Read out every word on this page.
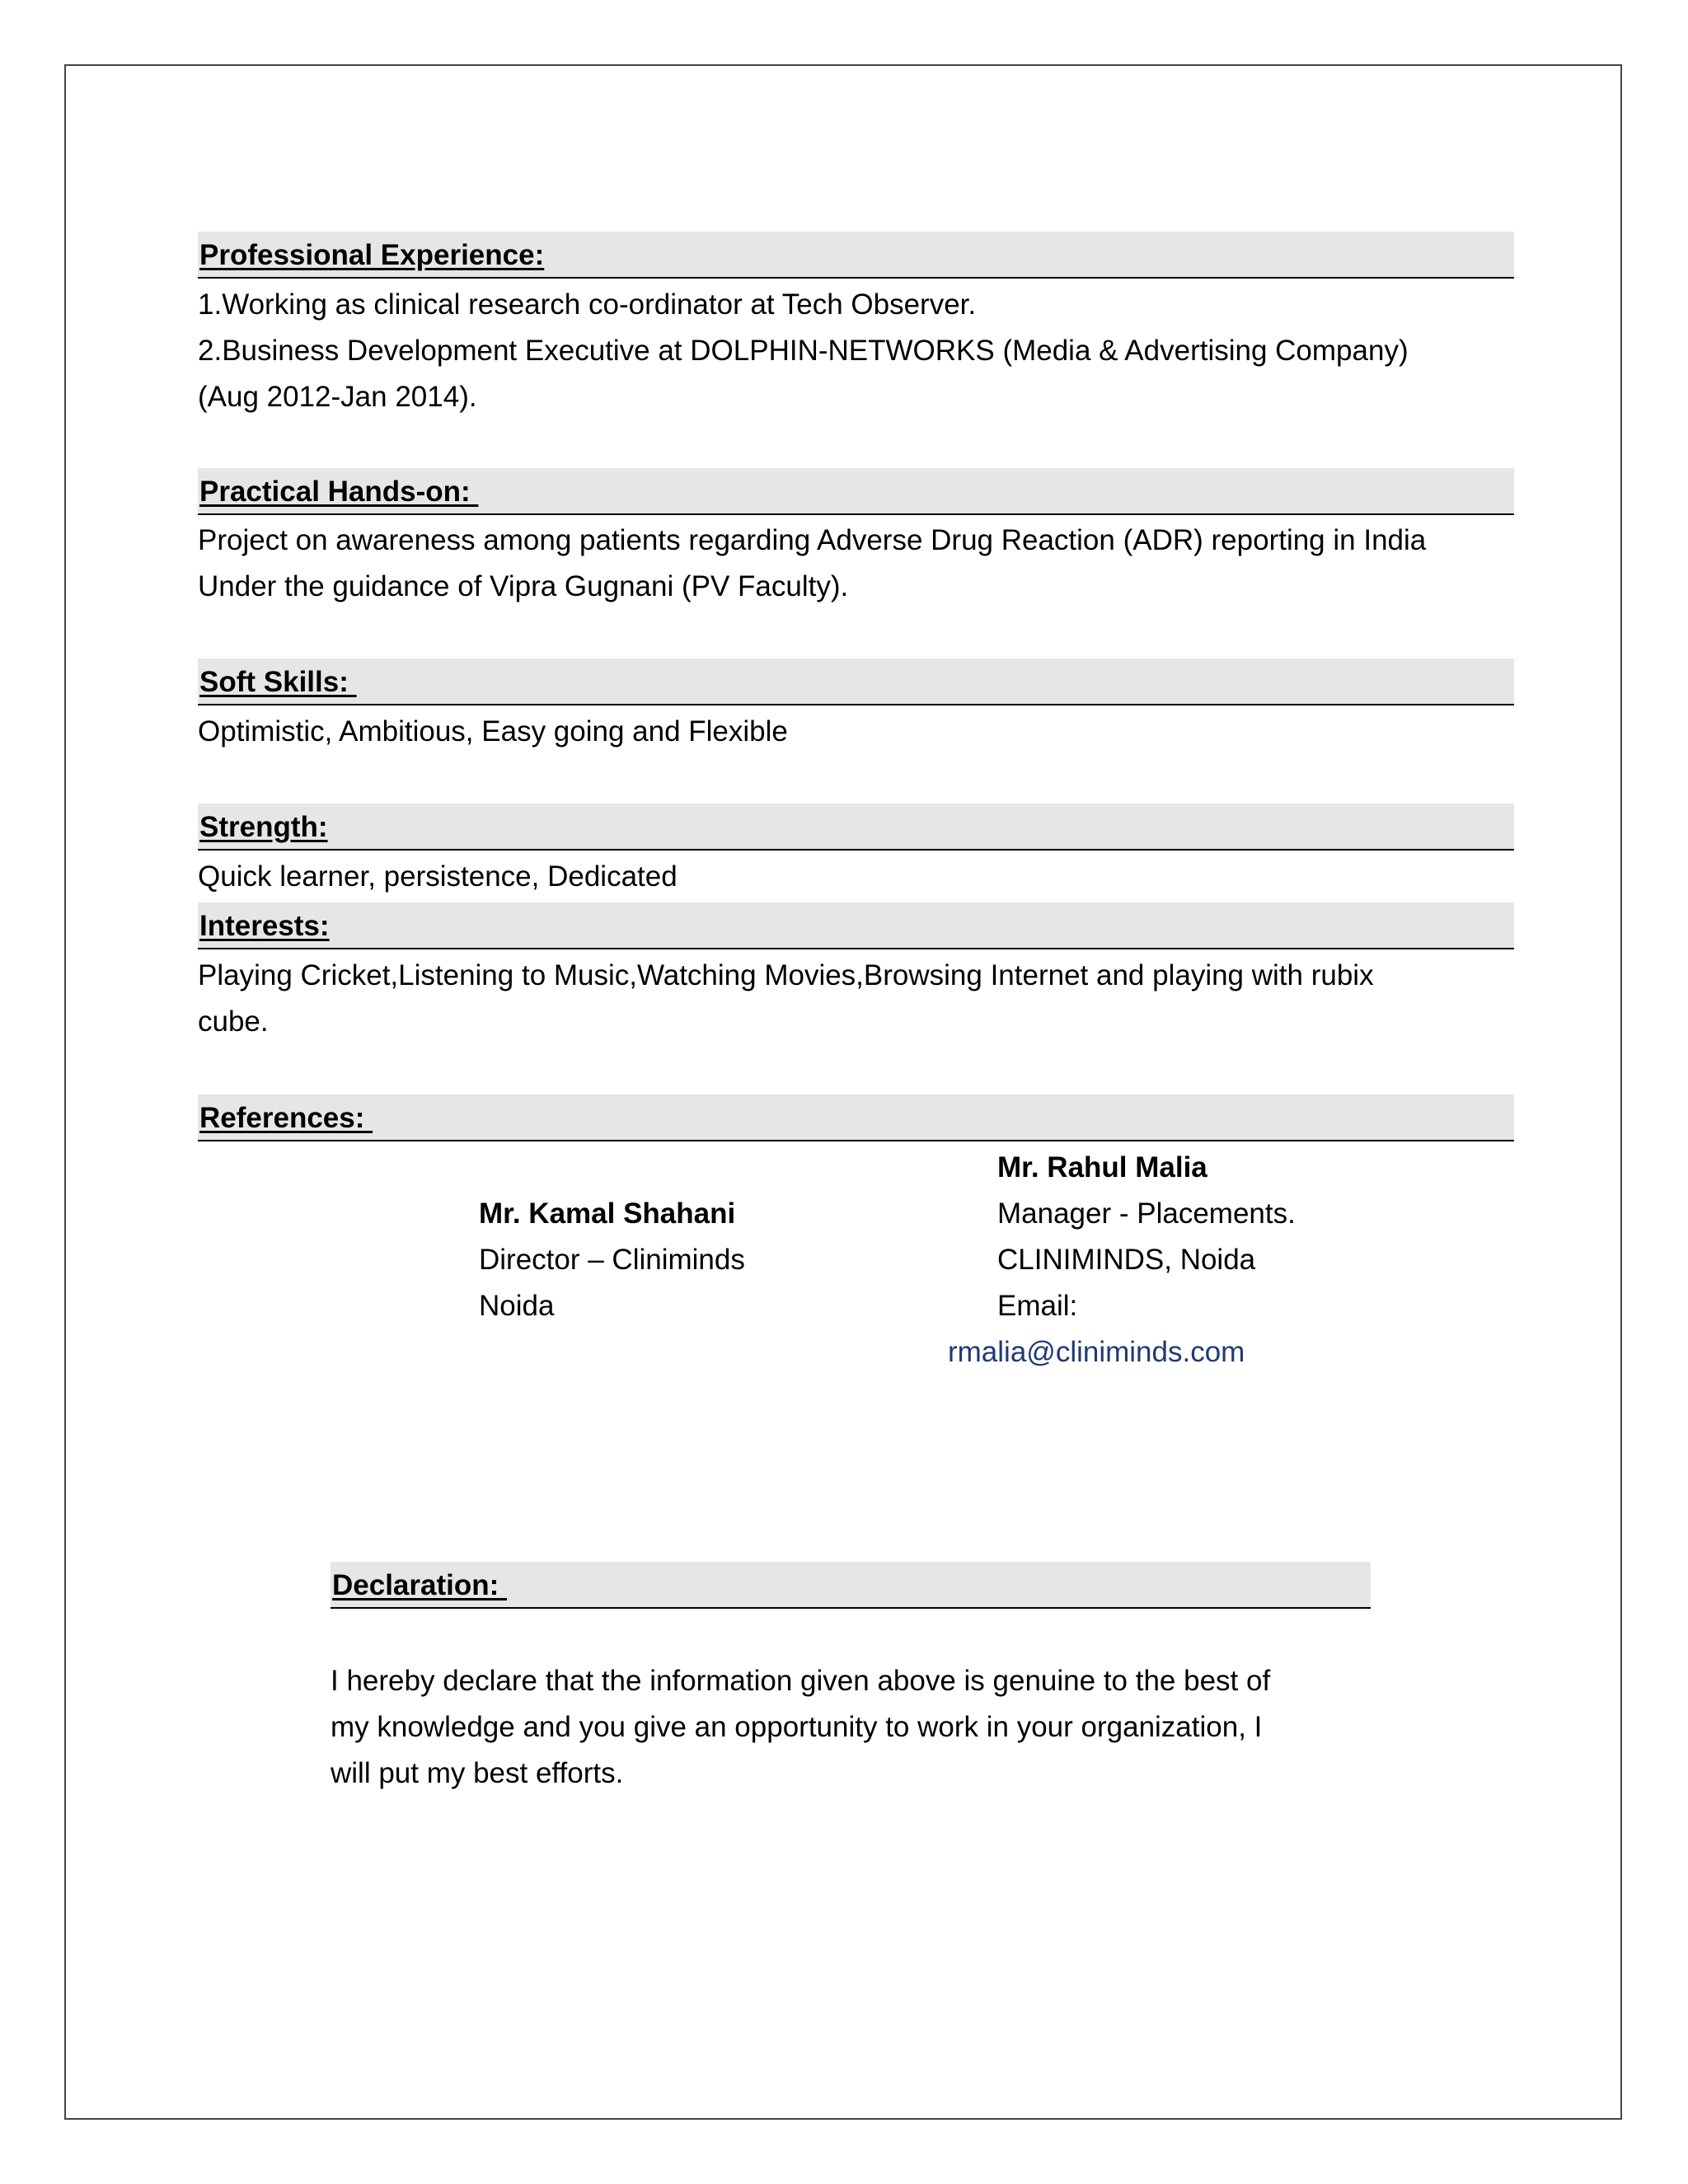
Professional Experience:
1.Working as clinical research co-ordinator at Tech Observer.
2.Business Development Executive at DOLPHIN-NETWORKS (Media & Advertising Company)
(Aug 2012-Jan 2014).
Practical Hands-on:
Project on awareness among patients regarding Adverse Drug Reaction (ADR) reporting in India
Under the guidance of Vipra Gugnani (PV Faculty).
Soft Skills:
Optimistic, Ambitious, Easy going and Flexible
Strength:
Quick learner, persistence, Dedicated
Interests:
Playing Cricket,Listening to Music,Watching Movies,Browsing Internet and playing with rubix
cube.
References:
Mr. Rahul Malia
Manager - Placements.
CLINIMINDS, Noida
Email:
rmalia@cliniminds.com
Mr. Kamal Shahani
Director – Cliniminds
Noida
Declaration:
I hereby declare that the information given above is genuine to the best of
my knowledge and you give an opportunity to work in your organization, I
will put my best efforts.
